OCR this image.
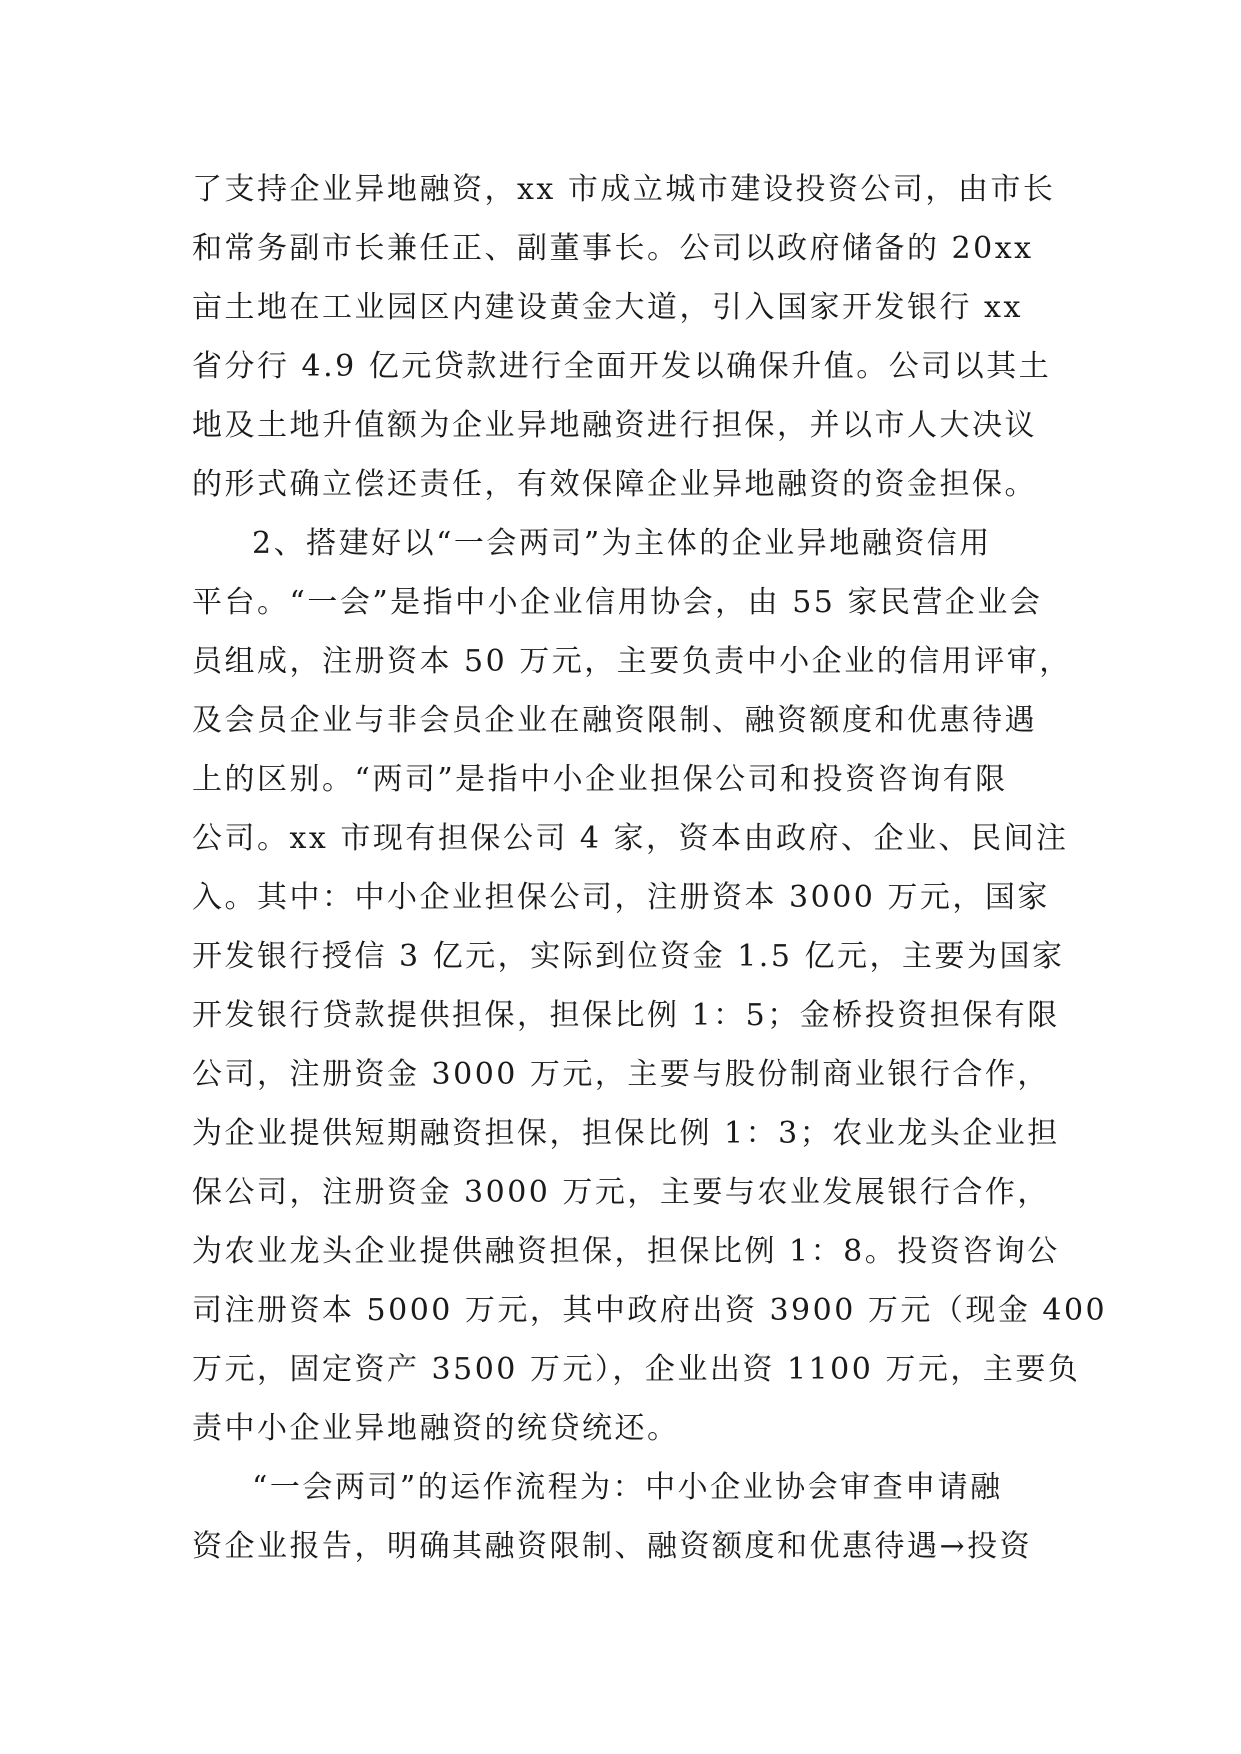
了支持企业异地融资，xx 市成立城市建设投资公司，由市长
和常务副市长兼任正、副董事长。公司以政府储备的 20xx
亩土地在工业园区内建设黄金大道，引入国家开发银行 xx
省分行 4.9 亿元贷款进行全面开发以确保升值。公司以其土
地及土地升值额为企业异地融资进行担保，并以市人大决议
的形式确立偿还责任，有效保障企业异地融资的资金担保。
2、搭建好以“一会两司”为主体的企业异地融资信用
平台。“一会”是指中小企业信用协会，由 55 家民营企业会
员组成，注册资本 50 万元，主要负责中小企业的信用评审，
及会员企业与非会员企业在融资限制、融资额度和优惠待遇
上的区别。“两司”是指中小企业担保公司和投资咨询有限
公司。xx 市现有担保公司 4 家，资本由政府、企业、民间注
入。其中：中小企业担保公司，注册资本 3000 万元，国家
开发银行授信 3 亿元，实际到位资金 1.5 亿元，主要为国家
开发银行贷款提供担保，担保比例 1：5；金桥投资担保有限
公司，注册资金 3000 万元，主要与股份制商业银行合作，
为企业提供短期融资担保，担保比例 1：3；农业龙头企业担
保公司，注册资金 3000 万元，主要与农业发展银行合作，
为农业龙头企业提供融资担保，担保比例 1：8。投资咨询公
司注册资本 5000 万元，其中政府出资 3900 万元（现金 400
万元，固定资产 3500 万元），企业出资 1100 万元，主要负
责中小企业异地融资的统贷统还。
“一会两司”的运作流程为：中小企业协会审查申请融
资企业报告，明确其融资限制、融资额度和优惠待遇→投资
